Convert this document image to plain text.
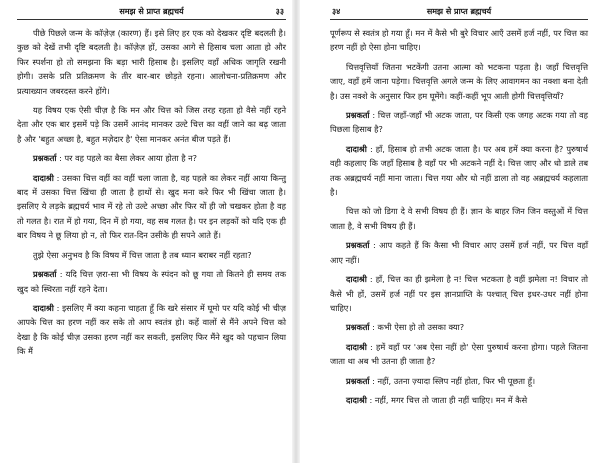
समझ से प्राप्त ब्रह्मचर्य	३३

पीछे पिछले जन्म के कॉज़ेज़ (कारण) हैं। इसे लिए हर एक को देखकर दृष्टि बदलती है। कुछ को देखें तभी दृष्टि बदलती है। कॉज़ेज़ हों, उसका आगे से हिसाब चला आता हो और फिर स्पर्शना हो तो समझना कि बड़ा भारी हिसाब है। इसलिए वहाँ अधिक जागृति रखनी होगी। उसके प्रति प्रतिक्रमण के तीर बार-बार छोड़ते रहना। आलोचना-प्रतिक्रमण और प्रत्याख्यान जबरदस्त करने होंगे।

यह विषय एक ऐसी चीज़ है कि मन और चित्त को जिस तरह रहता हो वैसे नहीं रहने देता और एक बार इसमें पड़े कि उसमें आनंद मानकर उल्टे चित्त का वहीं जाने का बढ़ जाता है और 'बहुत अच्छा है, बहुत मज़ेदार है' ऐसा मानकर अनंत बीज पड़ते हैं।

प्रश्नकर्ता : पर वह पहले का बैसा लेकर आया होता है न?

दादाश्री : उसका चित्त वहीं का वहीं चला जाता है, वह पहले का लेकर नहीं आया किन्तु बाद में उसका चित्त खिंचा ही जाता है हाथों से। खुद मना करे फिर भी खिंचा जाता है। इसलिए ये लड़के ब्रह्मचर्य भाव में रहे तो उल्टे अच्छा और फिर यों ही जो चखकर होता है वह तो गलत है। रात में हो गया, दिन में हो गया, वह सब गलत है। पर इन लड़कों को यदि एक ही बार विषय ने छू लिया हो न, तो फिर रात-दिन उसीके ही सपने आते हैं।

तुझे ऐसा अनुभव है कि विषय में चित्त जाता है तब ध्यान बराबर नहीं रहता?

प्रश्नकर्ता : यदि चित्त ज़रा-सा भी विषय के स्पंदन को छू गया तो कितने ही समय तक खुद को स्थिरता नहीं रहने देता।

दादाश्री : इसलिए मैं क्या कहना चाहता हूँ कि खरे संसार में घूमो पर यदि कोई भी चीज़ आपके चित्त का हरण नहीं कर सके तो आप स्वतंत्र हो। कहें वालों से मैंने अपने चित्त को देखा है कि कोई चीज़ उसका हरण नहीं कर सकती, इसलिए फिर मैंने खुद को पहचान लिया कि मैं

३४	समझ से प्राप्त ब्रह्मचर्य

पूर्णरूप से स्वतंत्र हो गया हूँ। मन में कैसे भी बुरे विचार आएँ उसमें हर्ज नहीं, पर चित्त का हरण नहीं हो ऐसा होना चाहिए।

चित्तवृत्तियाँ जितना भटकेंगी उतना आत्मा को भटकना पड़ता है। जहाँ चित्तवृत्ति जाए, वहाँ हमें जाना पड़ेगा। चित्तवृत्ति अगले जन्म के लिए आवागमन का नक्शा बना देती है। उस नक्शे के अनुसार फिर हम घूमेंगे। कहीं-कहीं भूप आती होगी चित्तवृत्तियाँ?

प्रश्नकर्ता : चित्त जहाँ-जहाँ भी अटक जाता, पर किसी एक जगह अटक गया तो वह पिछला हिसाब है?

दादाश्री : हाँ, हिसाब हो तभी अटक जाता है। पर अब हमें क्या करना है? पुरुषार्थ वही कहलाए कि जहाँ हिसाब है वहाँ पर भी अटकने नहीं दे। चित्त जाए और धो डाले तब तक अब्रह्मचर्य नहीं माना जाता। चित्त गया और धो नहीं डाला तो वह अब्रह्मचर्य कहलाता है।

चित्त को जो डिगा दे वे सभी विषय ही हैं। ज्ञान के बाहर जिन जिन वस्तुओं में चित्त जाता है, वे सभी विषय ही हैं।

प्रश्नकर्ता : आप कहते हैं कि कैसा भी विचार आए उसमें हर्ज नहीं, पर चित्त वहाँ आए नहीं।

दादाश्री : हाँ, चित्त का ही झमेला है न! चित्त भटकता है वहीं झमेला न! विचार तो कैसे भी हों, उसमें हर्ज नहीं पर इस ज्ञानप्राप्ति के पश्चात् चित्त इधर-उधर नहीं होना चाहिए।

प्रश्नकर्ता : कभी ऐसा हो तो उसका क्या?

दादाश्री : हमें वहाँ पर 'अब ऐसा नहीं हो' ऐसा पुरुषार्थ करना होगा। पहले जितना जाता था अब भी उतना ही जाता है?

प्रश्नकर्ता : नहीं, उतना ज़्यादा स्लिप नहीं होता, फिर भी पूछता हूँ।

दादाश्री : नहीं, मगर चित्त तो जाता ही नहीं चाहिए। मन में कैसे
